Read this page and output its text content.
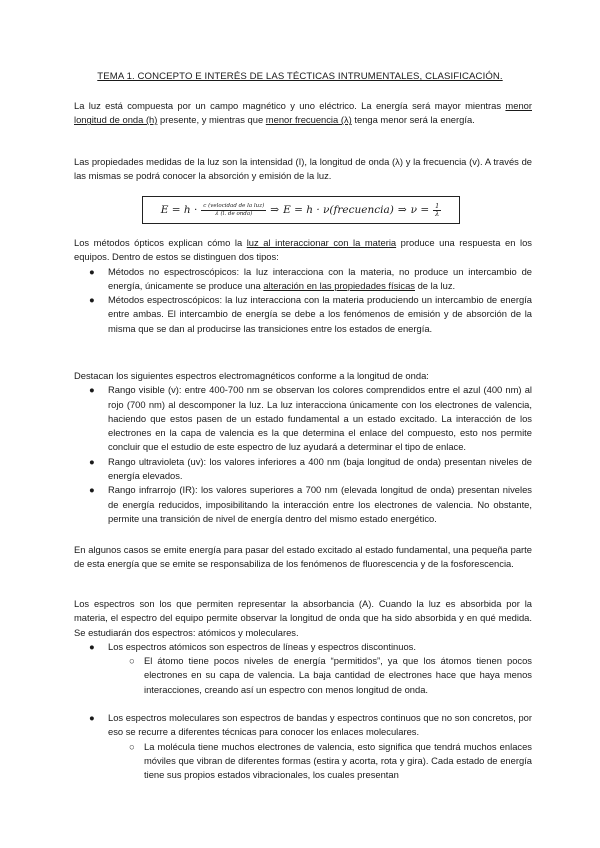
TEMA 1. CONCEPTO E INTERÉS DE LAS TÉCTICAS INTRUMENTALES, CLASIFICACIÓN.
La luz está compuesta por un campo magnético y uno eléctrico. La energía será mayor mientras menor longitud de onda (h) presente, y mientras que menor frecuencia (λ) tenga menor será la energía.
Las propiedades medidas de la luz son la intensidad (I), la longitud de onda (λ) y la frecuencia (v). A través de las mismas se podrá conocer la absorción y emisión de la luz.
$E = h \cdot \frac{\text{c (velocidad de la luz)}}{\text{λ (l. de onda)}}$ ⇒ E = h · ν(frecuencia) ⇒ $\nu = \frac{1}{\lambda}$
Los métodos ópticos explican cómo la luz al interaccionar con la materia produce una respuesta en los equipos. Dentro de estos se distinguen dos tipos:
● Métodos no espectroscópicos: la luz interacciona con la materia, no produce un intercambio de energía, únicamente se produce una alteración en las propiedades físicas de la luz.
● Métodos espectroscópicos: la luz interacciona con la materia produciendo un intercambio de energía entre ambas. El intercambio de energía se debe a los fenómenos de emisión y de absorción de la misma que se dan al producirse las transiciones entre los estados de energía.
Destacan los siguientes espectros electromagnéticos conforme a la longitud de onda:
● Rango visible (v): entre 400-700 nm se observan los colores comprendidos entre el azul (400 nm) al rojo (700 nm) al descomponer la luz. La luz interacciona únicamente con los electrones de valencia, haciendo que estos pasen de un estado fundamental a un estado excitado. La interacción de los electrones en la capa de valencia es la que determina el enlace del compuesto, esto nos permite concluir que el estudio de este espectro de luz ayudará a determinar el tipo de enlace.
● Rango ultravioleta (uv): los valores inferiores a 400 nm (baja longitud de onda) presentan niveles de energía elevados.
● Rango infrarrojo (IR): los valores superiores a 700 nm (elevada longitud de onda) presentan niveles de energía reducidos, imposibilitando la interacción entre los electrones de valencia. No obstante, permite una transición de nivel de energía dentro del mismo estado energético.
En algunos casos se emite energía para pasar del estado excitado al estado fundamental, una pequeña parte de esta energía que se emite se responsabiliza de los fenómenos de fluorescencia y de la fosforescencia.
Los espectros son los que permiten representar la absorbancia (A). Cuando la luz es absorbida por la materia, el espectro del equipo permite observar la longitud de onda que ha sido absorbida y en qué medida. Se estudiarán dos espectros: atómicos y moleculares.
● Los espectros atómicos son espectros de líneas y espectros discontinuos.
○ El átomo tiene pocos niveles de energía “permitidos”, ya que los átomos tienen pocos electrones en su capa de valencia. La baja cantidad de electrones hace que haya menos interacciones, creando así un espectro con menos longitud de onda.
● Los espectros moleculares son espectros de bandas y espectros continuos que no son concretos, por eso se recurre a diferentes técnicas para conocer los enlaces moleculares.
○ La molécula tiene muchos electrones de valencia, esto significa que tendrá muchos enlaces móviles que vibran de diferentes formas (estira y acorta, rota y gira). Cada estado de energía tiene sus propios estados vibracionales, los cuales presentan
